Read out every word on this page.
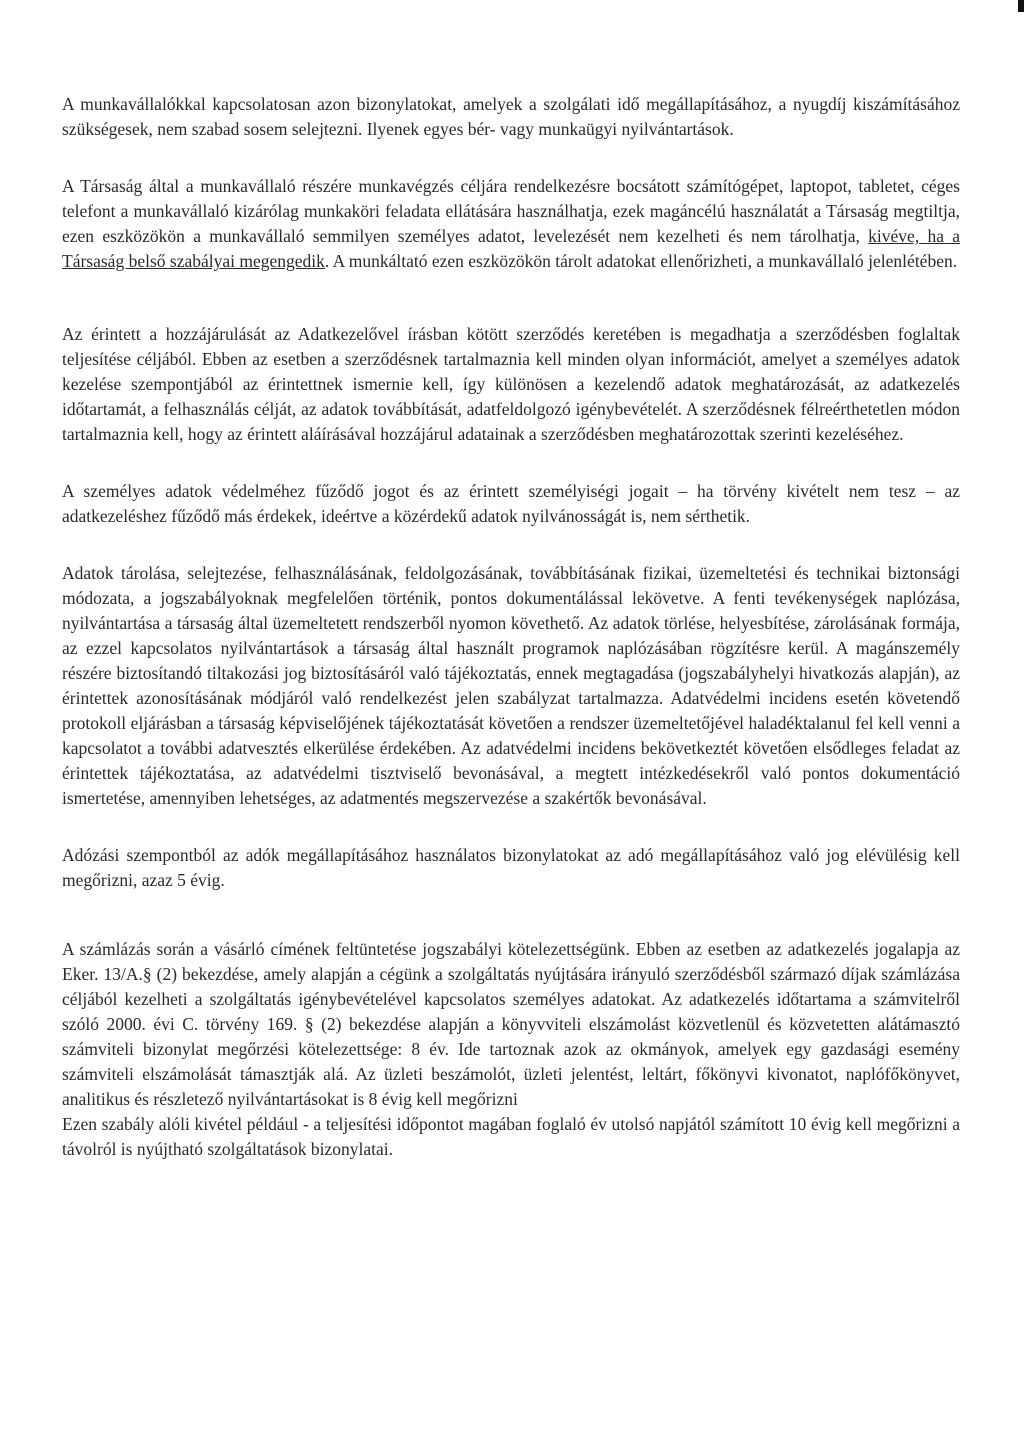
A munkavállalókkal kapcsolatosan azon bizonylatokat, amelyek a szolgálati idő megállapításához, a nyugdíj kiszámításához szükségesek, nem szabad sosem selejtezni. Ilyenek egyes bér- vagy munkaügyi nyilvántartások.

A Társaság által a munkavállaló részére munkavégzés céljára rendelkezésre bocsátott számítógépet, laptopot, tabletet, céges telefont a munkavállaló kizárólag munkaköri feladata ellátására használhatja, ezek magáncélú használatát a Társaság megtiltja, ezen eszközökön a munkavállaló semmilyen személyes adatot, levelezését nem kezelheti és nem tárolhatja, kivéve, ha a Társaság belső szabályai megengedik. A munkáltató ezen eszközökön tárolt adatokat ellenőrizheti, a munkavállaló jelenlétében.

Az érintett a hozzájárulását az Adatkezelővel írásban kötött szerződés keretében is megadhatja a szerződésben foglaltak teljesítése céljából. Ebben az esetben a szerződésnek tartalmaznia kell minden olyan információt, amelyet a személyes adatok kezelése szempontjából az érintettnek ismernie kell, így különösen a kezelendő adatok meghatározását, az adatkezelés időtartamát, a felhasználás célját, az adatok továbbítását, adatfeldolgozó igénybevételét. A szerződésnek félreérthetetlen módon tartalmaznia kell, hogy az érintett aláírásával hozzájárul adatainak a szerződésben meghatározottak szerinti kezeléséhez.

A személyes adatok védelméhez fűződő jogot és az érintett személyiségi jogait – ha törvény kivételt nem tesz – az adatkezeléshez fűződő más érdekek, ideértve a közérdekű adatok nyilvánosságát is, nem sérthetik.

Adatok tárolása, selejtezése, felhasználásának, feldolgozásának, továbbításának fizikai, üzemeltetési és technikai biztonsági módozata, a jogszabályoknak megfelelően történik, pontos dokumentálással lekövetve. A fenti tevékenységek naplózása, nyilvántartása a társaság által üzemeltetett rendszerből nyomon követhető. Az adatok törlése, helyesbítése, zárolásának formája, az ezzel kapcsolatos nyilvántartások a társaság által használt programok naplózásában rögzítésre kerül. A magánszemély részére biztosítandó tiltakozási jog biztosításáról való tájékoztatás, ennek megtagadása (jogszabályhelyi hivatkozás alapján), az érintettek azonosításának módjáról való rendelkezést jelen szabályzat tartalmazza. Adatvédelmi incidens esetén követendő protokoll eljárásban a társaság képviselőjének tájékoztatását követően a rendszer üzemeltetőjével haladéktalanul fel kell venni a kapcsolatot a további adatvesztés elkerülése érdekében. Az adatvédelmi incidens bekövetkeztét követően elsődleges feladat az érintettek tájékoztatása, az adatvédelmi tisztviselő bevonásával, a megtett intézkedésekről való pontos dokumentáció ismertetése, amennyiben lehetséges, az adatmentés megszervezése a szakértők bevonásával.

Adózási szempontból az adók megállapításához használatos bizonylatokat az adó megállapításához való jog elévülésig kell megőrizni, azaz 5 évig.

A számlázás során a vásárló címének feltüntetése jogszabályi kötelezettségünk. Ebben az esetben az adatkezelés jogalapja az Eker. 13/A.§ (2) bekezdése, amely alapján a cégünk a szolgáltatás nyújtására irányuló szerződésből származó díjak számlázása céljából kezelheti a szolgáltatás igénybevételével kapcsolatos személyes adatokat. Az adatkezelés időtartama a számvitelről szóló 2000. évi C. törvény 169. § (2) bekezdése alapján a könyvviteli elszámolást közvetlenül és közvetetten alátámasztó számviteli bizonylat megőrzési kötelezettsége: 8 év. Ide tartoznak azok az okmányok, amelyek egy gazdasági esemény számviteli elszámolását támasztják alá. Az üzleti beszámolót, üzleti jelentést, leltárt, főkönyvi kivonatot, naplófőkönyvet, analitikus és részletező nyilvántartásokat is 8 évig kell megőrizni

Ezen szabály alóli kivétel például - a teljesítési időpontot magában foglaló év utolsó napjától számított 10 évig kell megőrizni a távolról is nyújtható szolgáltatások bizonylatai.
